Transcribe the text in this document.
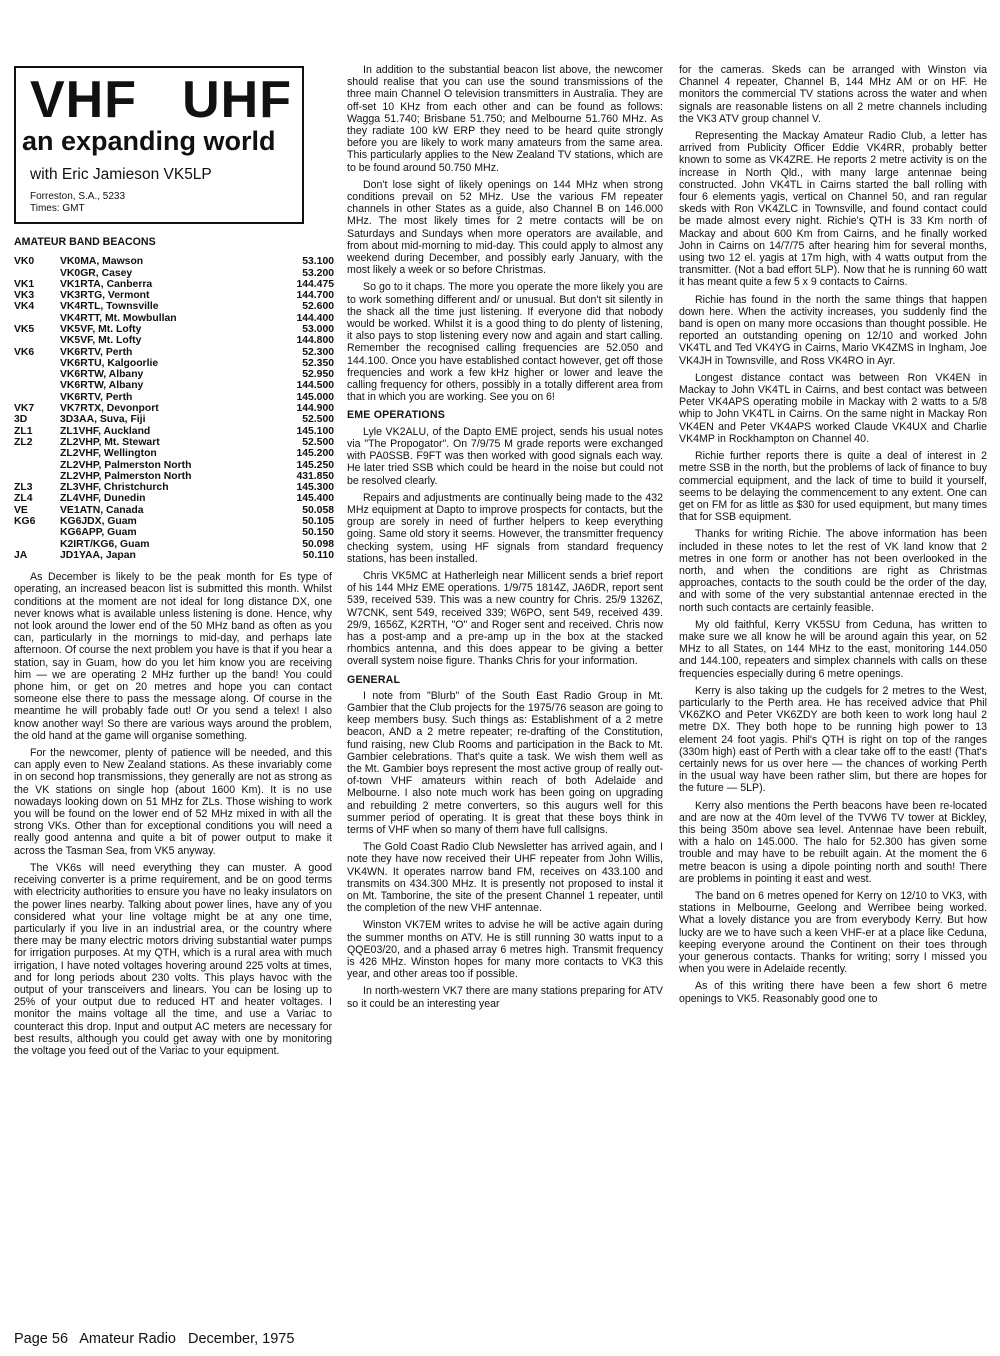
VHF UHF
an expanding world
with Eric Jamieson VK5LP
Forreston, S.A., 5233
Times: GMT
AMATEUR BAND BEACONS
VK0	VK0MA, Mawson	53.100
	VK0GR, Casey	53.200
VK1	VK1RTA, Canberra	144.475
VK3	VK3RTG, Vermont	144.700
VK4	VK4RTL, Townsville	52.600
	VK4RTT, Mt. Mowbullan	144.400
VK5	VK5VF, Mt. Lofty	53.000
	VK5VF, Mt. Lofty	144.800
VK6	VK6RTV, Perth	52.300
	VK6RTU, Kalgoorlie	52.350
	VK6RTW, Albany	52.950
	VK6RTW, Albany	144.500
	VK6RTV, Perth	145.000
VK7	VK7RTX, Devonport	144.900
3D	3D3AA, Suva, Fiji	52.500
ZL1	ZL1VHF, Auckland	145.100
ZL2	ZL2VHP, Mt. Stewart	52.500
	ZL2VHF, Wellington	145.200
	ZL2VHP, Palmerston North	145.250
	ZL2VHP, Palmerston North	431.850
ZL3	ZL3VHF, Christchurch	145.300
ZL4	ZL4VHF, Dunedin	145.400
VE	VE1ATN, Canada	50.058
KG6	KG6JDX, Guam	50.105
	KG6APP, Guam	50.150
	K2IRT/KG6, Guam	50.098
JA	JD1YAA, Japan	50.110

As December is likely to be the peak month for Es type of operating, an increased beacon list is submitted this month. Whilst conditions at the moment are not ideal for long distance DX, one never knows what is available unless listening is done. Hence, why not look around the lower end of the 50 MHz band as often as you can, particularly in the mornings to mid-day, and perhaps late afternoon. Of course the next problem you have is that if you hear a station, say in Guam, how do you let him know you are receiving him — we are operating 2 MHz further up the band! You could phone him, or get on 20 metres and hope you can contact someone else there to pass the message along. Of course in the meantime he will probably fade out! Or you send a telex! I also know another way! So there are various ways around the problem, the old hand at the game will organise something.

For the newcomer, plenty of patience will be needed, and this can apply even to New Zealand stations. As these invariably come in on second hop transmissions, they generally are not as strong as the VK stations on single hop (about 1600 Km). It is no use nowadays looking down on 51 MHz for ZLs. Those wishing to work you will be found on the lower end of 52 MHz mixed in with all the strong VKs. Other than for exceptional conditions you will need a really good antenna and quite a bit of power output to make it across the Tasman Sea, from VK5 anyway.

The VK6s will need everything they can muster. A good receiving converter is a prime requirement, and be on good terms with electricity authorities to ensure you have no leaky insulators on the power lines nearby. Talking about power lines, have any of you considered what your line voltage might be at any one time, particularly if you live in an industrial area, or the country where there may be many electric motors driving substantial water pumps for irrigation purposes. At my QTH, which is a rural area with much irrigation, I have noted voltages hovering around 225 volts at times, and for long periods about 230 volts. This plays havoc with the output of your transceivers and linears. You can be losing up to 25% of your output due to reduced HT and heater voltages. I monitor the mains voltage all the time, and use a Variac to counteract this drop. Input and output AC meters are necessary for best results, although you could get away with one by monitoring the voltage you feed out of the Variac to your equipment.

In addition to the substantial beacon list above, the newcomer should realise that you can use the sound transmissions of the three main Channel O television transmitters in Australia. They are off-set 10 KHz from each other and can be found as follows: Wagga 51.740; Brisbane 51.750; and Melbourne 51.760 MHz. As they radiate 100 kW ERP they need to be heard quite strongly before you are likely to work many amateurs from the same area. This particularly applies to the New Zealand TV stations, which are to be found around 50.750 MHz.

Don't lose sight of likely openings on 144 MHz when strong conditions prevail on 52 MHz. Use the various FM repeater channels in other States as a guide, also Channel B on 146.000 MHz. The most likely times for 2 metre contacts will be on Saturdays and Sundays when more operators are available, and from about mid-morning to mid-day. This could apply to almost any weekend during December, and possibly early January, with the most likely a week or so before Christmas.

So go to it chaps. The more you operate the more likely you are to work something different and/ or unusual. But don't sit silently in the shack all the time just listening. If everyone did that nobody would be worked. Whilst it is a good thing to do plenty of listening, it also pays to stop listening every now and again and start calling. Remember the recognised calling frequencies are 52.050 and 144.100. Once you have established contact however, get off those frequencies and work a few kHz higher or lower and leave the calling frequency for others, possibly in a totally different area from that in which you are working. See you on 6!

EME OPERATIONS

Lyle VK2ALU, of the Dapto EME project, sends his usual notes via "The Propogator". On 7/9/75 M grade reports were exchanged with PA0SSB. F9FT was then worked with good signals each way. He later tried SSB which could be heard in the noise but could not be resolved clearly.

Repairs and adjustments are continually being made to the 432 MHz equipment at Dapto to improve prospects for contacts, but the group are sorely in need of further helpers to keep everything going. Same old story it seems. However, the transmitter frequency checking system, using HF signals from standard frequency stations, has been installed.

Chris VK5MC at Hatherleigh near Millicent sends a brief report of his 144 MHz EME operations. 1/9/75 1814Z, JA6DR, report sent 539, received 539. This was a new country for Chris. 25/9 1326Z, W7CNK, sent 549, received 339; W6PO, sent 549, received 439. 29/9, 1656Z, K2RTH, "O" and Roger sent and received. Chris now has a post-amp and a pre-amp up in the box at the stacked rhombics antenna, and this does appear to be giving a better overall system noise figure. Thanks Chris for your information.

GENERAL

I note from "Blurb" of the South East Radio Group in Mt. Gambier that the Club projects for the 1975/76 season are going to keep members busy. Such things as: Establishment of a 2 metre beacon, AND a 2 metre repeater; re-drafting of the Constitution, fund raising, new Club Rooms and participation in the Back to Mt. Gambier celebrations. That's quite a task. We wish them well as the Mt. Gambier boys represent the most active group of really out-of-town VHF amateurs within reach of both Adelaide and Melbourne. I also note much work has been going on upgrading and rebuilding 2 metre converters, so this augurs well for this summer period of operating. It is great that these boys think in terms of VHF when so many of them have full callsigns.

The Gold Coast Radio Club Newsletter has arrived again, and I note they have now received their UHF repeater from John Willis, VK4WN. It operates narrow band FM, receives on 433.100 and transmits on 434.300 MHz. It is presently not proposed to instal it on Mt. Tamborine, the site of the present Channel 1 repeater, until the completion of the new VHF antennae.

Winston VK7EM writes to advise he will be active again during the summer months on ATV. He is still running 30 watts input to a QQE03/20, and a phased array 6 metres high. Transmit frequency is 426 MHz. Winston hopes for many more contacts to VK3 this year, and other areas too if possible.

In north-western VK7 there are many stations preparing for ATV so it could be an interesting year

for the cameras. Skeds can be arranged with Winston via Channel 4 repeater, Channel B, 144 MHz AM or on HF. He monitors the commercial TV stations across the water and when signals are reasonable listens on all 2 metre channels including the VK3 ATV group channel V.

Representing the Mackay Amateur Radio Club, a letter has arrived from Publicity Officer Eddie VK4RR, probably better known to some as VK4ZRE. He reports 2 metre activity is on the increase in North Qld., with many large antennae being constructed. John VK4TL in Cairns started the ball rolling with four 6 elements yagis, vertical on Channel 50, and ran regular skeds with Ron VK4ZLC in Townsville, and found contact could be made almost every night. Richie's QTH is 33 Km north of Mackay and about 600 Km from Cairns, and he finally worked John in Cairns on 14/7/75 after hearing him for several months, using two 12 el. yagis at 17m high, with 4 watts output from the transmitter. (Not a bad effort 5LP). Now that he is running 60 watt it has meant quite a few 5 x 9 contacts to Cairns.

Richie has found in the north the same things that happen down here. When the activity increases, you suddenly find the band is open on many more occasions than thought possible. He reported an outstanding opening on 12/10 and worked John VK4TL and Ted VK4YG in Cairns, Mario VK4ZMS in Ingham, Joe VK4JH in Townsville, and Ross VK4RO in Ayr.

Longest distance contact was between Ron VK4EN in Mackay to John VK4TL in Cairns, and best contact was between Peter VK4APS operating mobile in Mackay with 2 watts to a 5/8 whip to John VK4TL in Cairns. On the same night in Mackay Ron VK4EN and Peter VK4APS worked Claude VK4UX and Charlie VK4MP in Rockhampton on Channel 40.

Richie further reports there is quite a deal of interest in 2 metre SSB in the north, but the problems of lack of finance to buy commercial equipment, and the lack of time to build it yourself, seems to be delaying the commencement to any extent. One can get on FM for as little as $30 for used equipment, but many times that for SSB equipment.

Thanks for writing Richie. The above information has been included in these notes to let the rest of VK land know that 2 metres in one form or another has not been overlooked in the north, and when the conditions are right as Christmas approaches, contacts to the south could be the order of the day, and with some of the very substantial antennae erected in the north such contacts are certainly feasible.

My old faithful, Kerry VK5SU from Ceduna, has written to make sure we all know he will be around again this year, on 52 MHz to all States, on 144 MHz to the east, monitoring 144.050 and 144.100, repeaters and simplex channels with calls on these frequencies especially during 6 metre openings.

Kerry is also taking up the cudgels for 2 metres to the West, particularly to the Perth area. He has received advice that Phil VK6ZKO and Peter VK6ZDY are both keen to work long haul 2 metre DX. They both hope to be running high power to 13 element 24 foot yagis. Phil's QTH is right on top of the ranges (330m high) east of Perth with a clear take off to the east! (That's certainly news for us over here — the chances of working Perth in the usual way have been rather slim, but there are hopes for the future — 5LP).

Kerry also mentions the Perth beacons have been re-located and are now at the 40m level of the TVW6 TV tower at Bickley, this being 350m above sea level. Antennae have been rebuilt, with a halo on 145.000. The halo for 52.300 has given some trouble and may have to be rebuilt again. At the moment the 6 metre beacon is using a dipole pointing north and south! There are problems in pointing it east and west.

The band on 6 metres opened for Kerry on 12/10 to VK3, with stations in Melbourne, Geelong and Werribee being worked. What a lovely distance you are from everybody Kerry. But how lucky are we to have such a keen VHF-er at a place like Ceduna, keeping everyone around the Continent on their toes through your generous contacts. Thanks for writing; sorry I missed you when you were in Adelaide recently.

As of this writing there have been a few short 6 metre openings to VK5. Reasonably good one to

Page 56 Amateur Radio December, 1975
